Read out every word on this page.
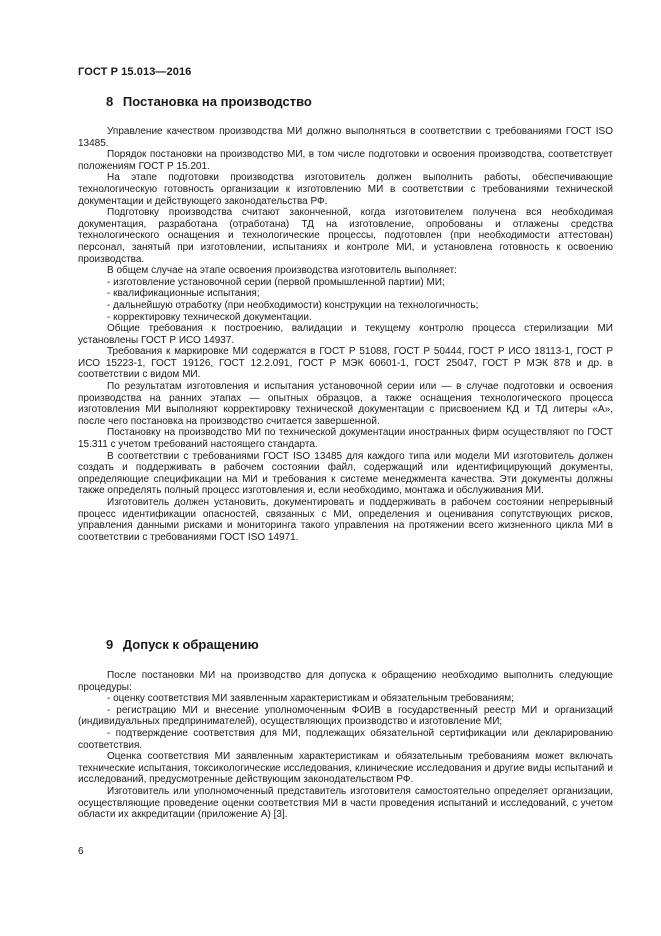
ГОСТ Р 15.013—2016
8 Постановка на производство

Управление качеством производства МИ должно выполняться в соответствии с требованиями ГОСТ ISO 13485.

Порядок постановки на производство МИ, в том числе подготовки и освоения производства, соответствует положениям ГОСТ Р 15.201.

На этапе подготовки производства изготовитель должен выполнить работы, обеспечивающие технологическую готовность организации к изготовлению МИ в соответствии с требованиями технической документации и действующего законодательства РФ.

Подготовку производства считают законченной, когда изготовителем получена вся необходимая документация, разработана (отработана) ТД на изготовление, опробованы и отлажены средства технологического оснащения и технологические процессы, подготовлен (при необходимости аттестован) персонал, занятый при изготовлении, испытаниях и контроле МИ, и установлена готовность к освоению производства.

В общем случае на этапе освоения производства изготовитель выполняет:

- изготовление установочной серии (первой промышленной партии) МИ;

- квалификационные испытания;

- дальнейшую отработку (при необходимости) конструкции на технологичность;

- корректировку технической документации.

Общие требования к построению, валидации и текущему контролю процесса стерилизации МИ установлены ГОСТ Р ИСО 14937.

Требования к маркировке МИ содержатся в ГОСТ Р 51088, ГОСТ Р 50444, ГОСТ Р ИСО 18113-1, ГОСТ Р ИСО 15223-1, ГОСТ 19126, ГОСТ 12.2.091, ГОСТ Р МЭК 60601-1, ГОСТ 25047, ГОСТ Р МЭК 878 и др. в соответствии с видом МИ.

По результатам изготовления и испытания установочной серии или — в случае подготовки и освоения производства на ранних этапах — опытных образцов, а также оснащения технологического процесса изготовления МИ выполняют корректировку технической документации с присвоением КД и ТД литеры «А», после чего постановка на производство считается завершенной.

Постановку на производство МИ по технической документации иностранных фирм осуществляют по ГОСТ 15.311 с учетом требований настоящего стандарта.

В соответствии с требованиями ГОСТ ISO 13485 для каждого типа или модели МИ изготовитель должен создать и поддерживать в рабочем состоянии файл, содержащий или идентифицирующий документы, определяющие спецификации на МИ и требования к системе менеджмента качества. Эти документы должны также определять полный процесс изготовления и, если необходимо, монтажа и обслуживания МИ.

Изготовитель должен установить, документировать и поддерживать в рабочем состоянии непрерывный процесс идентификации опасностей, связанных с МИ, определения и оценивания сопутствующих рисков, управления данными рисками и мониторинга такого управления на протяжении всего жизненного цикла МИ в соответствии с требованиями ГОСТ ISO 14971.

9 Допуск к обращению

После постановки МИ на производство для допуска к обращению необходимо выполнить следующие процедуры:

- оценку соответствия МИ заявленным характеристикам и обязательным требованиям;

- регистрацию МИ и внесение уполномоченным ФОИВ в государственный реестр МИ и организаций (индивидуальных предпринимателей), осуществляющих производство и изготовление МИ;

- подтверждение соответствия для МИ, подлежащих обязательной сертификации или декларированию соответствия.

Оценка соответствия МИ заявленным характеристикам и обязательным требованиям может включать технические испытания, токсикологические исследования, клинические исследования и другие виды испытаний и исследований, предусмотренные действующим законодательством РФ.

Изготовитель или уполномоченный представитель изготовителя самостоятельно определяет организации, осуществляющие проведение оценки соответствия МИ в части проведения испытаний и исследований, с учетом области их аккредитации (приложение А) [3].

6
